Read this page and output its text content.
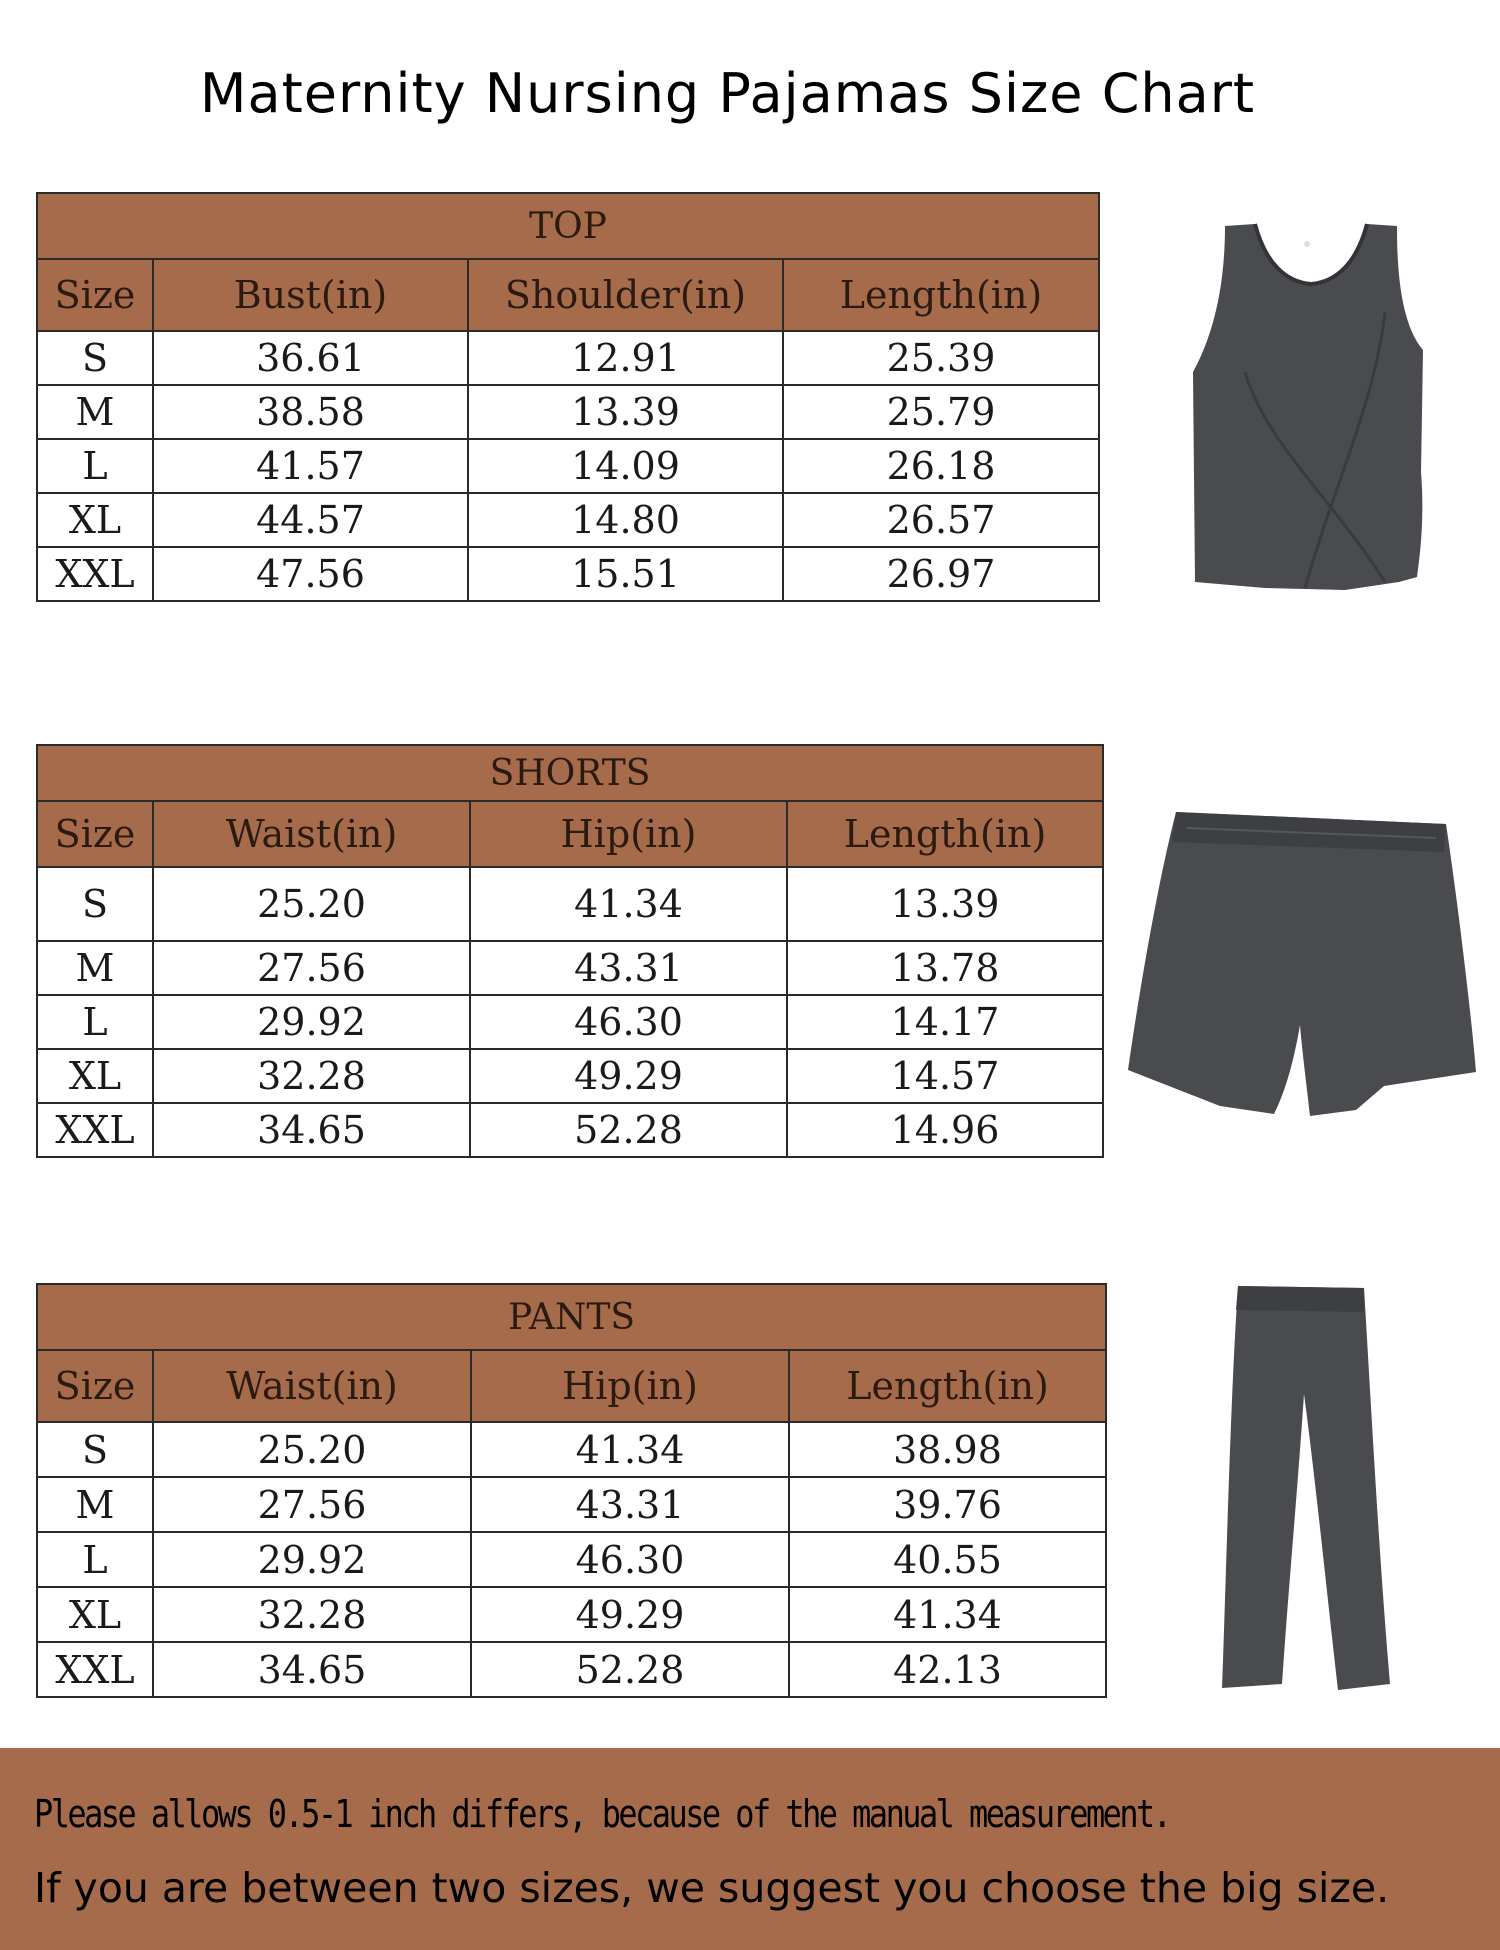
Maternity Nursing Pajamas Size Chart
TOP			
Size	Bust(in)	Shoulder(in)	Length(in)
S	36.61	12.91	25.39
M	38.58	13.39	25.79
L	41.57	14.09	26.18
XL	44.57	14.80	26.57
XXL	47.56	15.51	26.97
SHORTS			
Size	Waist(in)	Hip(in)	Length(in)
S	25.20	41.34	13.39
M	27.56	43.31	13.78
L	29.92	46.30	14.17
XL	32.28	49.29	14.57
XXL	34.65	52.28	14.96
PANTS			
Size	Waist(in)	Hip(in)	Length(in)
S	25.20	41.34	38.98
M	27.56	43.31	39.76
L	29.92	46.30	40.55
XL	32.28	49.29	41.34
XXL	34.65	52.28	42.13
Please allows 0.5-1 inch differs, because of the manual measurement.
If you are between two sizes, we suggest you choose the big size.
